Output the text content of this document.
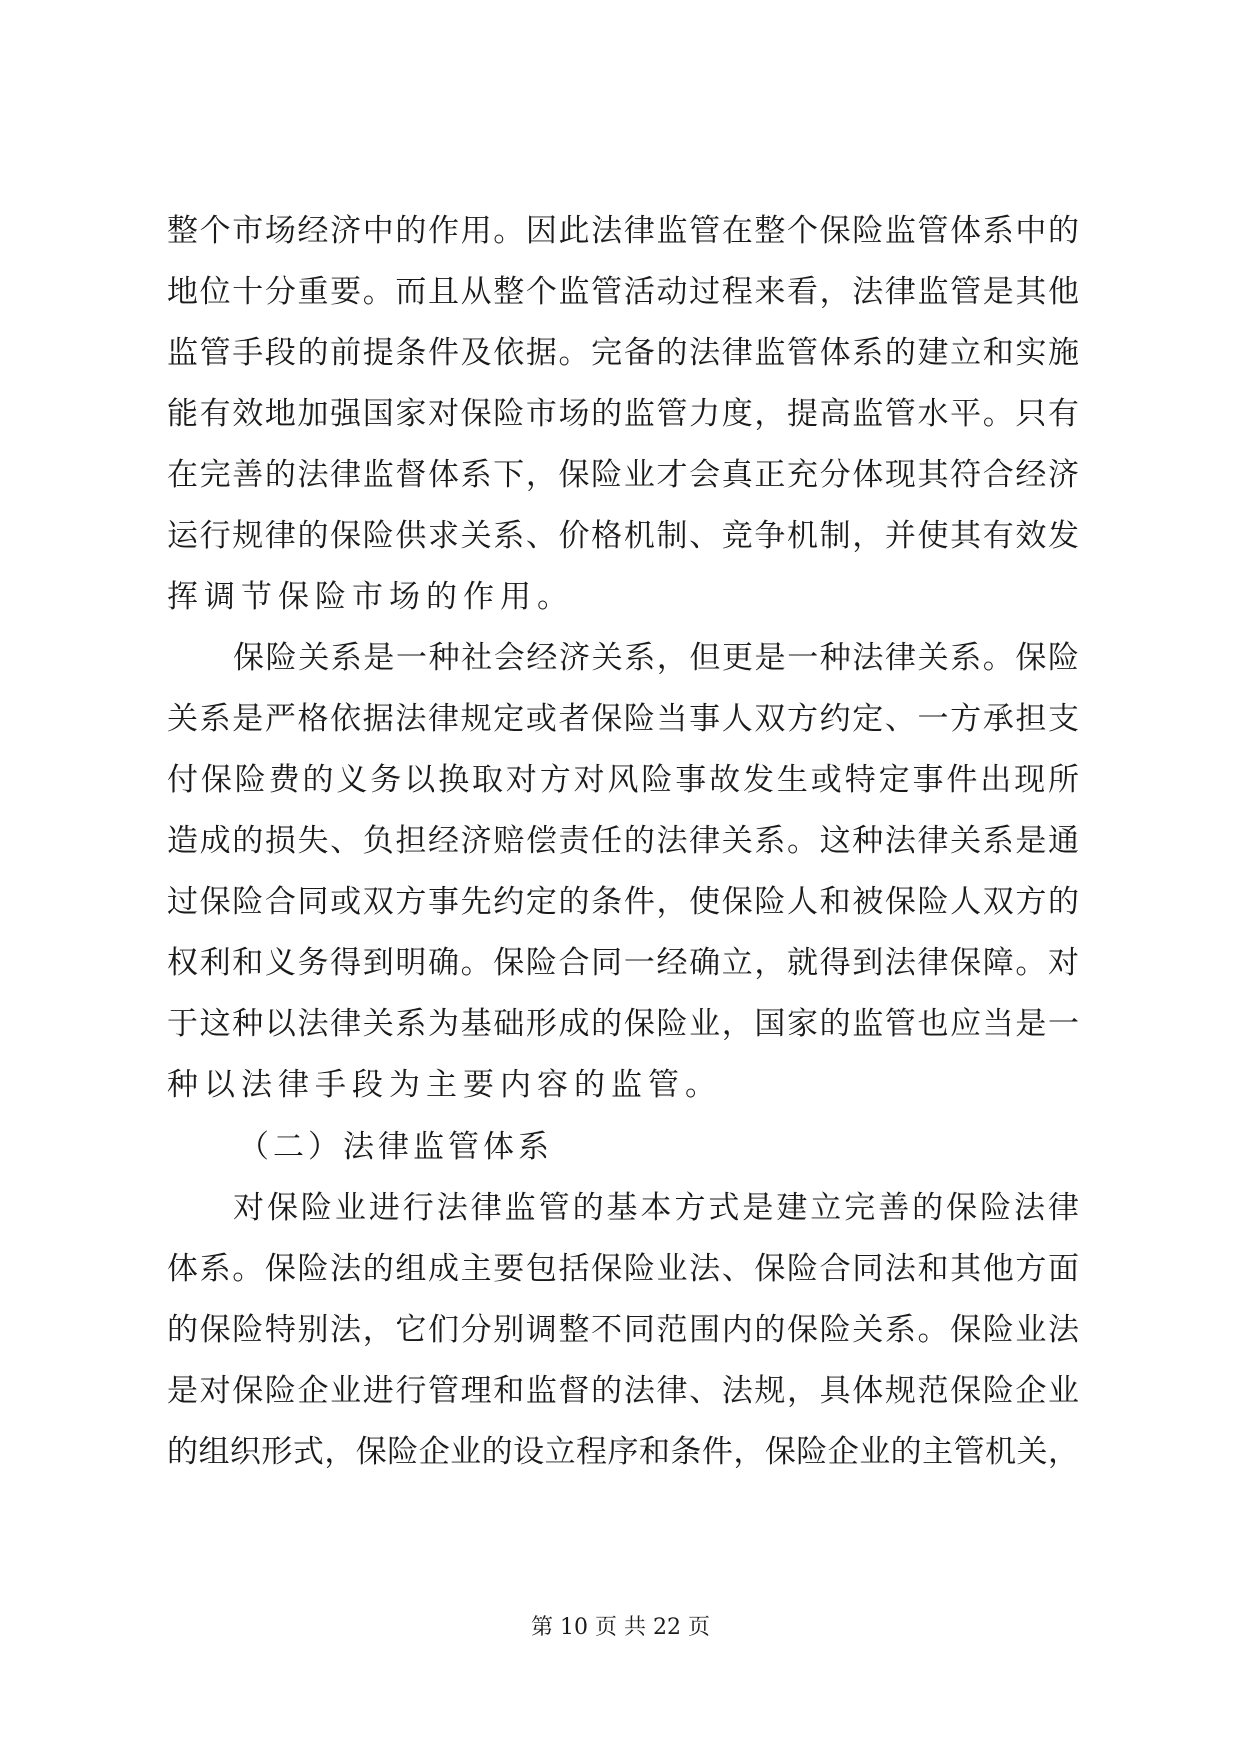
整个市场经济中的作用。因此法律监管在整个保险监管体系中的
地位十分重要。而且从整个监管活动过程来看，法律监管是其他
监管手段的前提条件及依据。完备的法律监管体系的建立和实施
能有效地加强国家对保险市场的监管力度，提高监管水平。只有
在完善的法律监督体系下，保险业才会真正充分体现其符合经济
运行规律的保险供求关系、价格机制、竞争机制，并使其有效发
挥调节保险市场的作用。
保险关系是一种社会经济关系，但更是一种法律关系。保险
关系是严格依据法律规定或者保险当事人双方约定、一方承担支
付保险费的义务以换取对方对风险事故发生或特定事件出现所
造成的损失、负担经济赔偿责任的法律关系。这种法律关系是通
过保险合同或双方事先约定的条件，使保险人和被保险人双方的
权利和义务得到明确。保险合同一经确立，就得到法律保障。对
于这种以法律关系为基础形成的保险业，国家的监管也应当是一
种以法律手段为主要内容的监管。
（二）法律监管体系
对保险业进行法律监管的基本方式是建立完善的保险法律
体系。保险法的组成主要包括保险业法、保险合同法和其他方面
的保险特别法，它们分别调整不同范围内的保险关系。保险业法
是对保险企业进行管理和监督的法律、法规，具体规范保险企业
的组织形式，保险企业的设立程序和条件，保险企业的主管机关，
第 10 页 共 22 页
